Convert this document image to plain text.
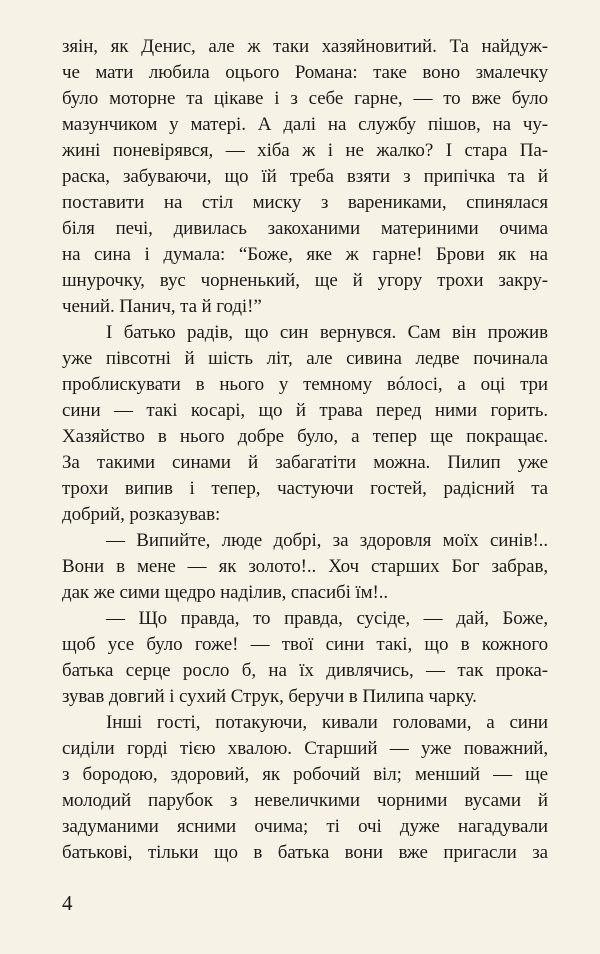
зяін, як Денис, але ж таки хазяйновитий. Та найдуж-
че мати любила оцього Романа: таке воно змалечку
було моторне та цікаве і з себе гарне, — то вже було
мазунчиком у матері. А далі на службу пішов, на чу-
жині поневірявся, — хіба ж і не жалко? І стара Па-
раска, забуваючи, що їй треба взяти з припічка та й
поставити на стіл миску з варениками, спинялася
біля печі, дивилась закоханими материними очима
на сина і думала: “Боже, яке ж гарне! Брови як на
шнурочку, вус чорненький, ще й угору трохи закру-
чений. Панич, та й годі!”
І батько радів, що син вернувся. Сам він прожив
уже півсотні й шість літ, але сивина ледве починала
проблискувати в нього у темному вóлосі, а оці три
сини — такі косарі, що й трава перед ними горить.
Хазяйство в нього добре було, а тепер ще покращає.
За такими синами й забагатіти можна. Пилип уже
трохи випив і тепер, частуючи гостей, радісний та
добрий, розказував:
— Випийте, люде добрі, за здоровля моїх синів!..
Вони в мене — як золото!.. Хоч старших Бог забрав,
дак же сими щедро наділив, спасибі їм!..
— Що правда, то правда, сусіде, — дай, Боже,
щоб усе було гоже! — твої сини такі, що в кожного
батька серце росло б, на їх дивлячись, — так прока-
зував довгий і сухий Струк, беручи в Пилипа чарку.
Інші гості, потакуючи, кивали головами, а сини
сиділи горді тією хвалою. Старший — уже поважний,
з бородою, здоровий, як робочий віл; менший — ще
молодий парубок з невеличкими чорними вусами й
задуманими ясними очима; ті очі дуже нагадували
батькові, тільки що в батька вони вже пригасли за
4
